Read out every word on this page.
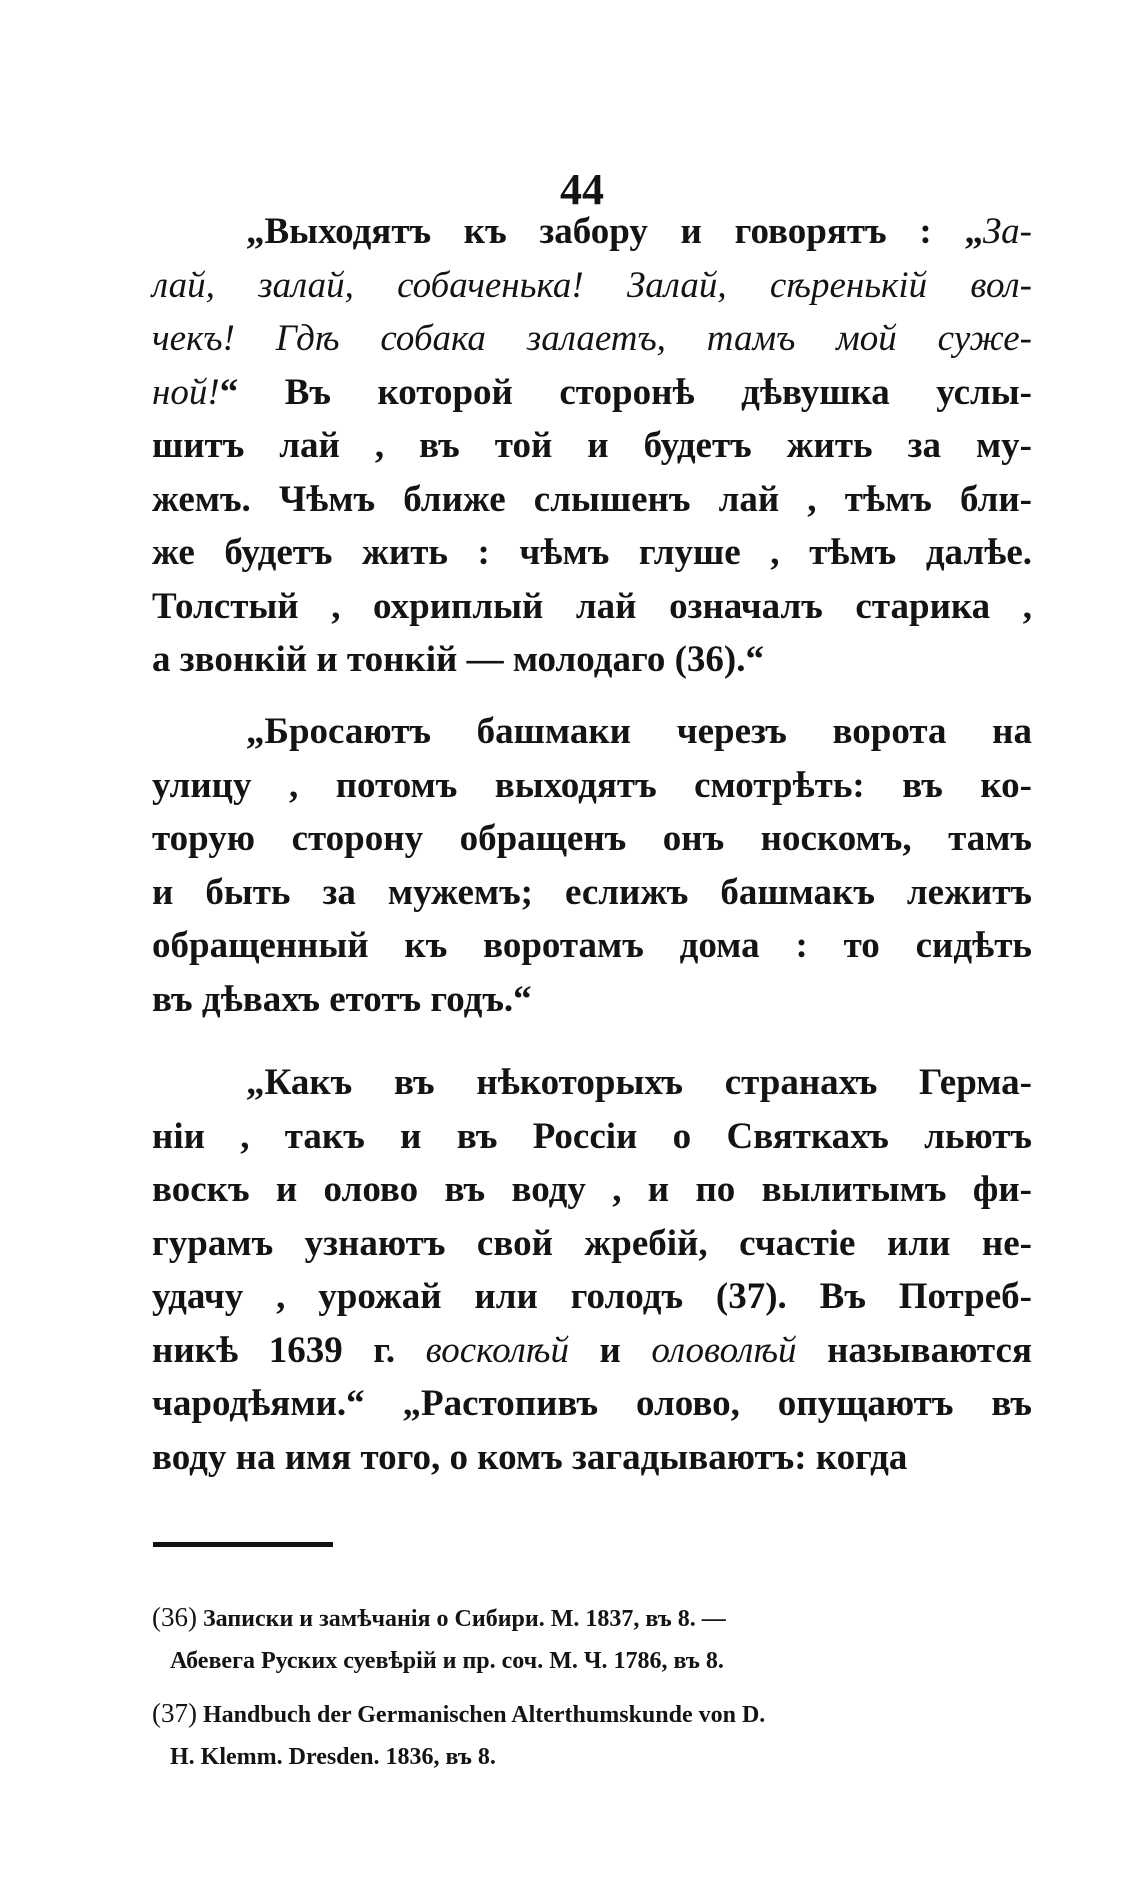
44
„Выходятъ къ забору и говорятъ : „За-
лай, залай, собаченька! Залай, сѣренькій вол-
чекъ! Гдѣ собака залаетъ, тамъ мой суже-
ной!“ Въ которой сторонѣ дѣвушка услы-
шитъ лай , въ той и будетъ жить за му-
жемъ. Чѣмъ ближе слышенъ лай , тѣмъ бли-
же будетъ жить : чѣмъ глуше , тѣмъ далѣе.
Толстый , охриплый лай означалъ старика ,
а звонкій и тонкій — молодаго (36).“
„Бросаютъ башмаки черезъ ворота на
улицу , потомъ выходятъ смотрѣть: въ ко-
торую сторону обращенъ онъ носкомъ, тамъ
и быть за мужемъ; еслижъ башмакъ лежитъ
обращенный къ воротамъ дома : то сидѣть
въ дѣвахъ етотъ годъ.“
„Какъ въ нѣкоторыхъ странахъ Герма-
ніи , такъ и въ Россіи о Святкахъ льютъ
воскъ и олово въ воду , и по вылитымъ фи-
гурамъ узнаютъ свой жребій, счастіе или не-
удачу , урожай или голодъ (37). Въ Потреб-
никѣ 1639 г. восколѣй и оловолѣй называются
чародѣями.“ „Растопивъ олово, опущаютъ въ
воду на имя того, о комъ загадываютъ: когда
(36) Записки и замѣчанія о Сибири. М. 1837, въ 8. —
Абевега Руских суевѣрій и пр. соч. М. Ч. 1786, въ 8.
(37) Handbuch der Germanischen Alterthumskunde von D.
H. Klemm. Dresden. 1836, въ 8.
